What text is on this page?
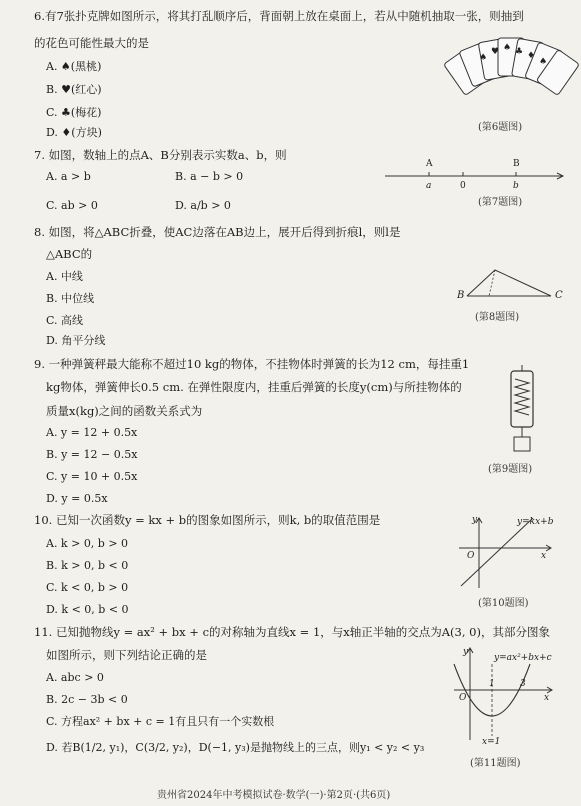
6.有7张扑克牌如图所示，将其打乱顺序后，背面朝上放在桌面上，若从中随机抽取一张，则抽到
的花色可能性最大的是
A. ♠(黑桃)
B. ♥(红心)
C. ♣(梅花)
D. ♦(方块)
♠ ♣
♥	♦
♠	♠
(第6题图)
7. 如图，数轴上的点A、B分别表示实数a、b，则
A. a > b	B. a − b > 0
C. ab > 0	D. a/b > 0
A	B
a	0	b
(第7题图)
8. 如图，将△ABC折叠，使AC边落在AB边上，展开后得到折痕l，则l是
△ABC的
A. 中线
B. 中位线
C. 高线
D. 角平分线
B	C
(第8题图)
9. 一种弹簧秤最大能称不超过10 kg的物体，不挂物体时弹簧的长为12 cm，每挂重1
kg物体，弹簧伸长0.5 cm. 在弹性限度内，挂重后弹簧的长度y(cm)与所挂物体的
质量x(kg)之间的函数关系式为
A. y = 12 + 0.5x
B. y = 12 − 0.5x
C. y = 10 + 0.5x
D. y = 0.5x
(第9题图)
10. 已知一次函数y = kx + b的图象如图所示，则k, b的取值范围是
A. k > 0, b > 0
B. k > 0, b < 0
C. k < 0, b > 0
D. k < 0, b < 0
y	y=kx+b
O	x
(第10题图)
11. 已知抛物线y = ax² + bx + c的对称轴为直线x = 1，与x轴正半轴的交点为A(3, 0)，其部分图象
如图所示，则下列结论正确的是
A. abc > 0
B. 2c − 3b < 0
C. 方程ax² + bx + c = 1有且只有一个实数根
D. 若B(1/2, y₁)，C(3/2, y₂)，D(−1, y₃)是抛物线上的三点，则y₁ < y₂ < y₃
y
y=ax²+bx+c
O
1	3
x
x=1
(第11题图)
贵州省2024年中考模拟试卷·数学(一)·第2页·(共6页)
